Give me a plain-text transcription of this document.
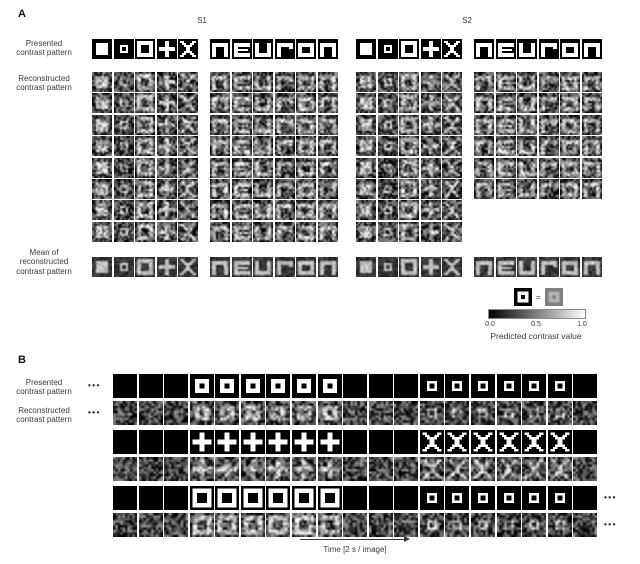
A
S1	S2
Presented
contrast pattern
Reconstructed
contrast pattern
Mean of
reconstructed
contrast pattern
=
0.0	0.5	1.0
Predicted contrast value
B
Presented
contrast pattern
Reconstructed
contrast pattern
•••
•••
•••
•••
Time [2 s / image]
